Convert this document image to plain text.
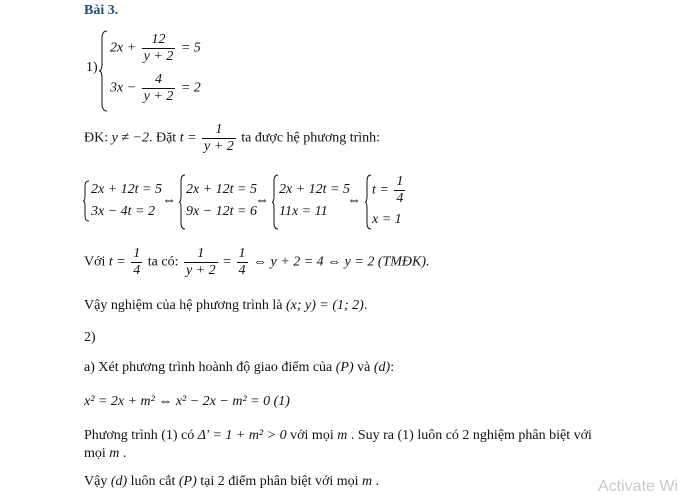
Bài 3.
1)
$2x + \frac{12}{y + 2} = 5$
$3x - \frac{4}{y + 2} = 2$
ĐK: y ≠ −2. Đặt $t = \frac{1}{y + 2}$ ta được hệ phương trình:
2x + 12t = 5
3x − 4t = 2
⇔
2x + 12t = 5
9x − 12t = 6
⇔
2x + 12t = 5
11x = 11
⇔
$t = \frac{1}{4}$
x = 1
Với $t = \frac{1}{4}$ ta có: $\frac{1}{y + 2} = \frac{1}{4}$ ⇔ y + 2 = 4 ⇔ y = 2 (TMĐK).
Vậy nghiệm của hệ phương trình là (x; y) = (1; 2).
2)
a) Xét phương trình hoành độ giao điểm của (P) và (d):
x² = 2x + m² ⇔ x² − 2x − m² = 0 (1)
Phương trình (1) có Δ' = 1 + m² > 0 với mọi m . Suy ra (1) luôn có 2 nghiệm phân biệt với
mọi m .
Vậy (d) luôn cắt (P) tại 2 điểm phân biệt với mọi m .	Activate Wi
